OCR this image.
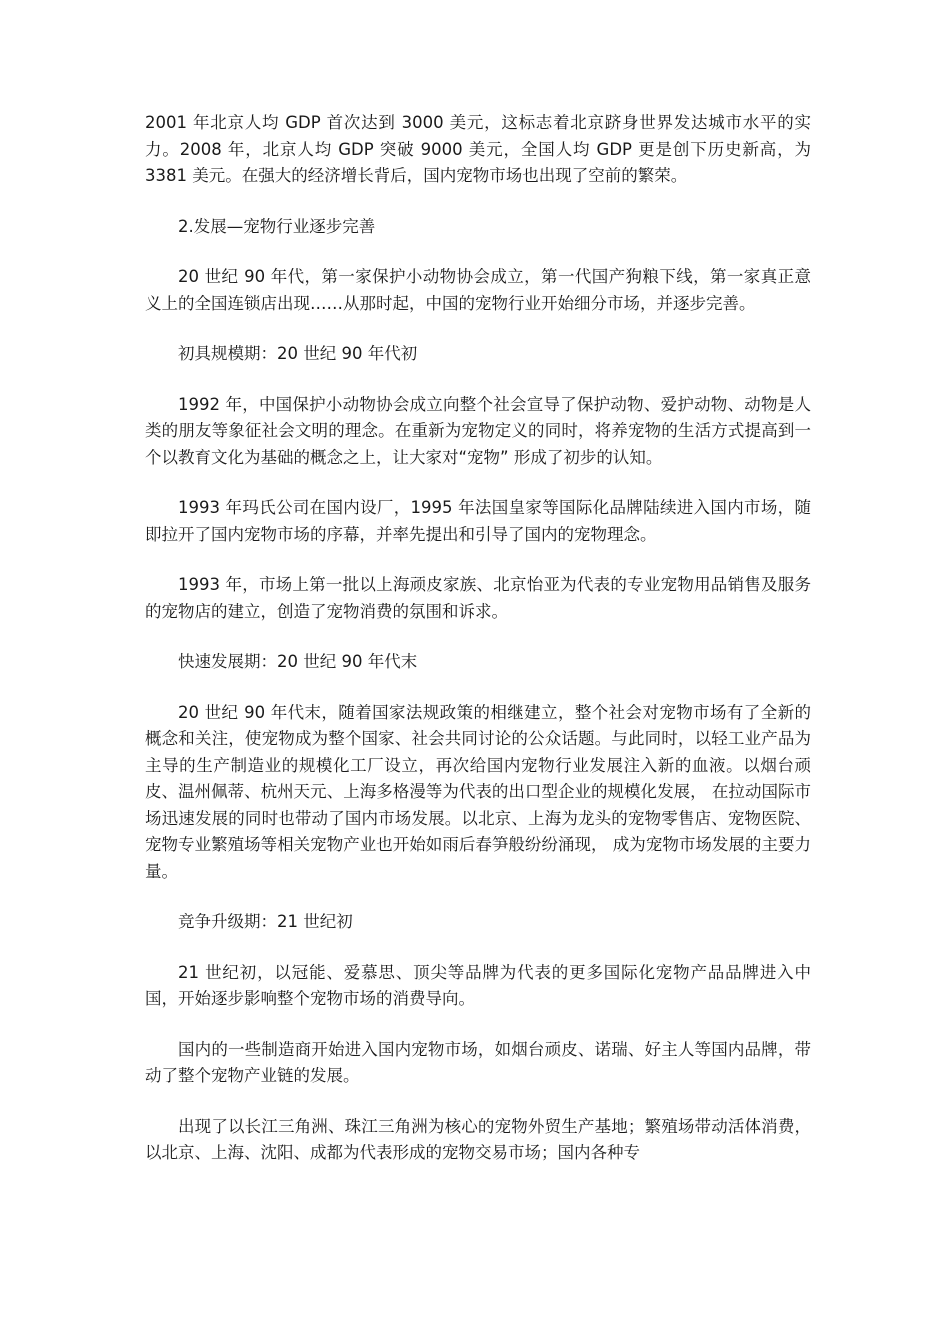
2001 年北京人均 GDP 首次达到 3000 美元，这标志着北京跻身世界发达城市水平的实力。2008 年，北京人均 GDP 突破 9000 美元，全国人均 GDP 更是创下历史新高，为 3381 美元。在强大的经济增长背后，国内宠物市场也出现了空前的繁荣。

2.发展—宠物行业逐步完善

20 世纪 90 年代，第一家保护小动物协会成立，第一代国产狗粮下线，第一家真正意义上的全国连锁店出现……从那时起，中国的宠物行业开始细分市场，并逐步完善。

初具规模期：20 世纪 90 年代初

1992 年，中国保护小动物协会成立向整个社会宣导了保护动物、爱护动物、动物是人类的朋友等象征社会文明的理念。在重新为宠物定义的同时，将养宠物的生活方式提高到一个以教育文化为基础的概念之上，让大家对“宠物” 形成了初步的认知。

1993 年玛氏公司在国内设厂，1995 年法国皇家等国际化品牌陆续进入国内市场，随即拉开了国内宠物市场的序幕，并率先提出和引导了国内的宠物理念。

1993 年，市场上第一批以上海顽皮家族、北京怡亚为代表的专业宠物用品销售及服务的宠物店的建立，创造了宠物消费的氛围和诉求。

快速发展期：20 世纪 90 年代末

20 世纪 90 年代末，随着国家法规政策的相继建立，整个社会对宠物市场有了全新的概念和关注，使宠物成为整个国家、社会共同讨论的公众话题。与此同时，以轻工业产品为主导的生产制造业的规模化工厂设立，再次给国内宠物行业发展注入新的血液。以烟台顽皮、温州佩蒂、杭州天元、上海多格漫等为代表的出口型企业的规模化发展， 在拉动国际市场迅速发展的同时也带动了国内市场发展。以北京、上海为龙头的宠物零售店、宠物医院、宠物专业繁殖场等相关宠物产业也开始如雨后春笋般纷纷涌现， 成为宠物市场发展的主要力量。

竞争升级期：21 世纪初

21 世纪初，以冠能、爱慕思、顶尖等品牌为代表的更多国际化宠物产品品牌进入中国，开始逐步影响整个宠物市场的消费导向。

国内的一些制造商开始进入国内宠物市场，如烟台顽皮、诺瑞、好主人等国内品牌，带动了整个宠物产业链的发展。

出现了以长江三角洲、珠江三角洲为核心的宠物外贸生产基地；繁殖场带动活体消费，以北京、上海、沈阳、成都为代表形成的宠物交易市场；国内各种专
